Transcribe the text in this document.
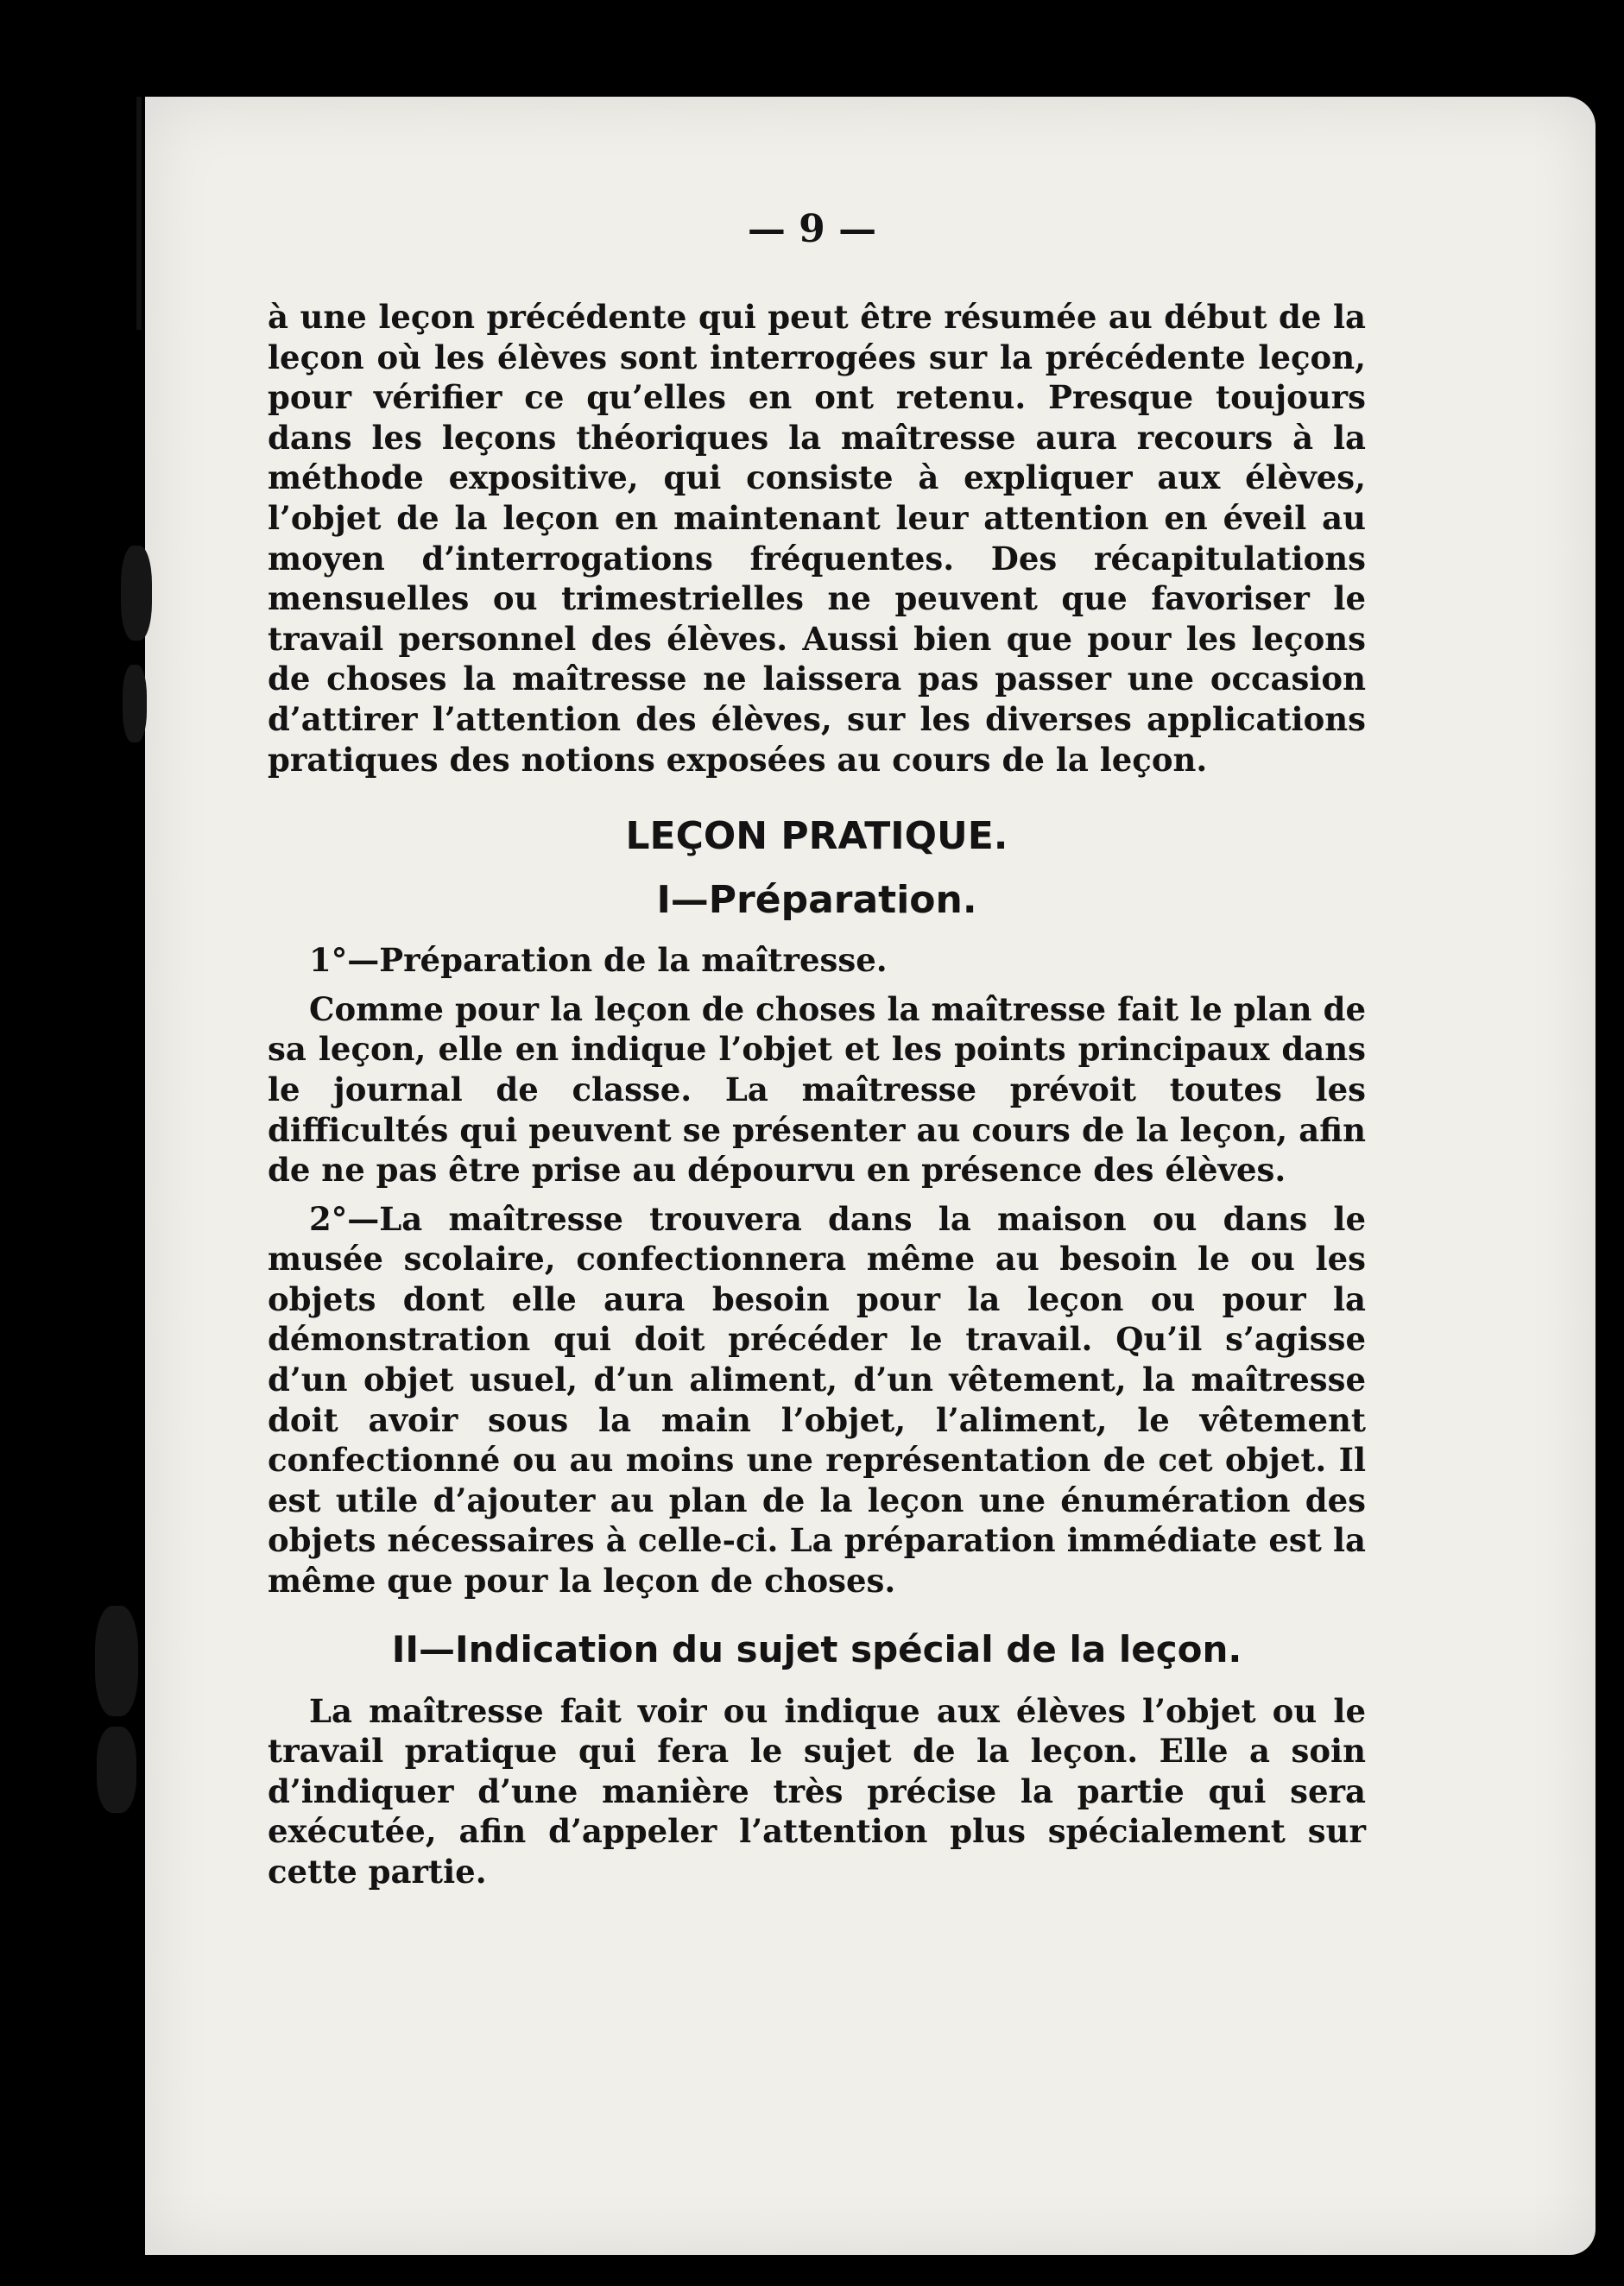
— 9 —

à une leçon précédente qui peut être résumée au début de la leçon où les élèves sont interrogées sur la précédente leçon, pour vérifier ce qu’elles en ont retenu. Presque toujours dans les leçons théoriques la maîtresse aura recours à la méthode expositive, qui consiste à expliquer aux élèves, l’objet de la leçon en maintenant leur attention en éveil au moyen d’interrogations fréquentes. Des récapitulations mensuelles ou trimestrielles ne peuvent que favoriser le travail personnel des élèves. Aussi bien que pour les leçons de choses la maîtresse ne laissera pas passer une occasion d’attirer l’attention des élèves, sur les diverses applications pratiques des notions exposées au cours de la leçon.

LEÇON PRATIQUE.
I—Préparation.

1°—Préparation de la maîtresse.

Comme pour la leçon de choses la maîtresse fait le plan de sa leçon, elle en indique l’objet et les points principaux dans le journal de classe. La maîtresse prévoit toutes les difficultés qui peuvent se présenter au cours de la leçon, afin de ne pas être prise au dépourvu en présence des élèves.

2°—La maîtresse trouvera dans la maison ou dans le musée scolaire, confectionnera même au besoin le ou les objets dont elle aura besoin pour la leçon ou pour la démonstration qui doit précéder le travail. Qu’il s’agisse d’un objet usuel, d’un aliment, d’un vêtement, la maîtresse doit avoir sous la main l’objet, l’aliment, le vêtement confectionné ou au moins une représentation de cet objet. Il est utile d’ajouter au plan de la leçon une énumération des objets nécessaires à celle-ci. La préparation immédiate est la même que pour la leçon de choses.

II—Indication du sujet spécial de la leçon.

La maîtresse fait voir ou indique aux élèves l’objet ou le travail pratique qui fera le sujet de la leçon. Elle a soin d’indiquer d’une manière très précise la partie qui sera exécutée, afin d’appeler l’attention plus spécialement sur cette partie.
